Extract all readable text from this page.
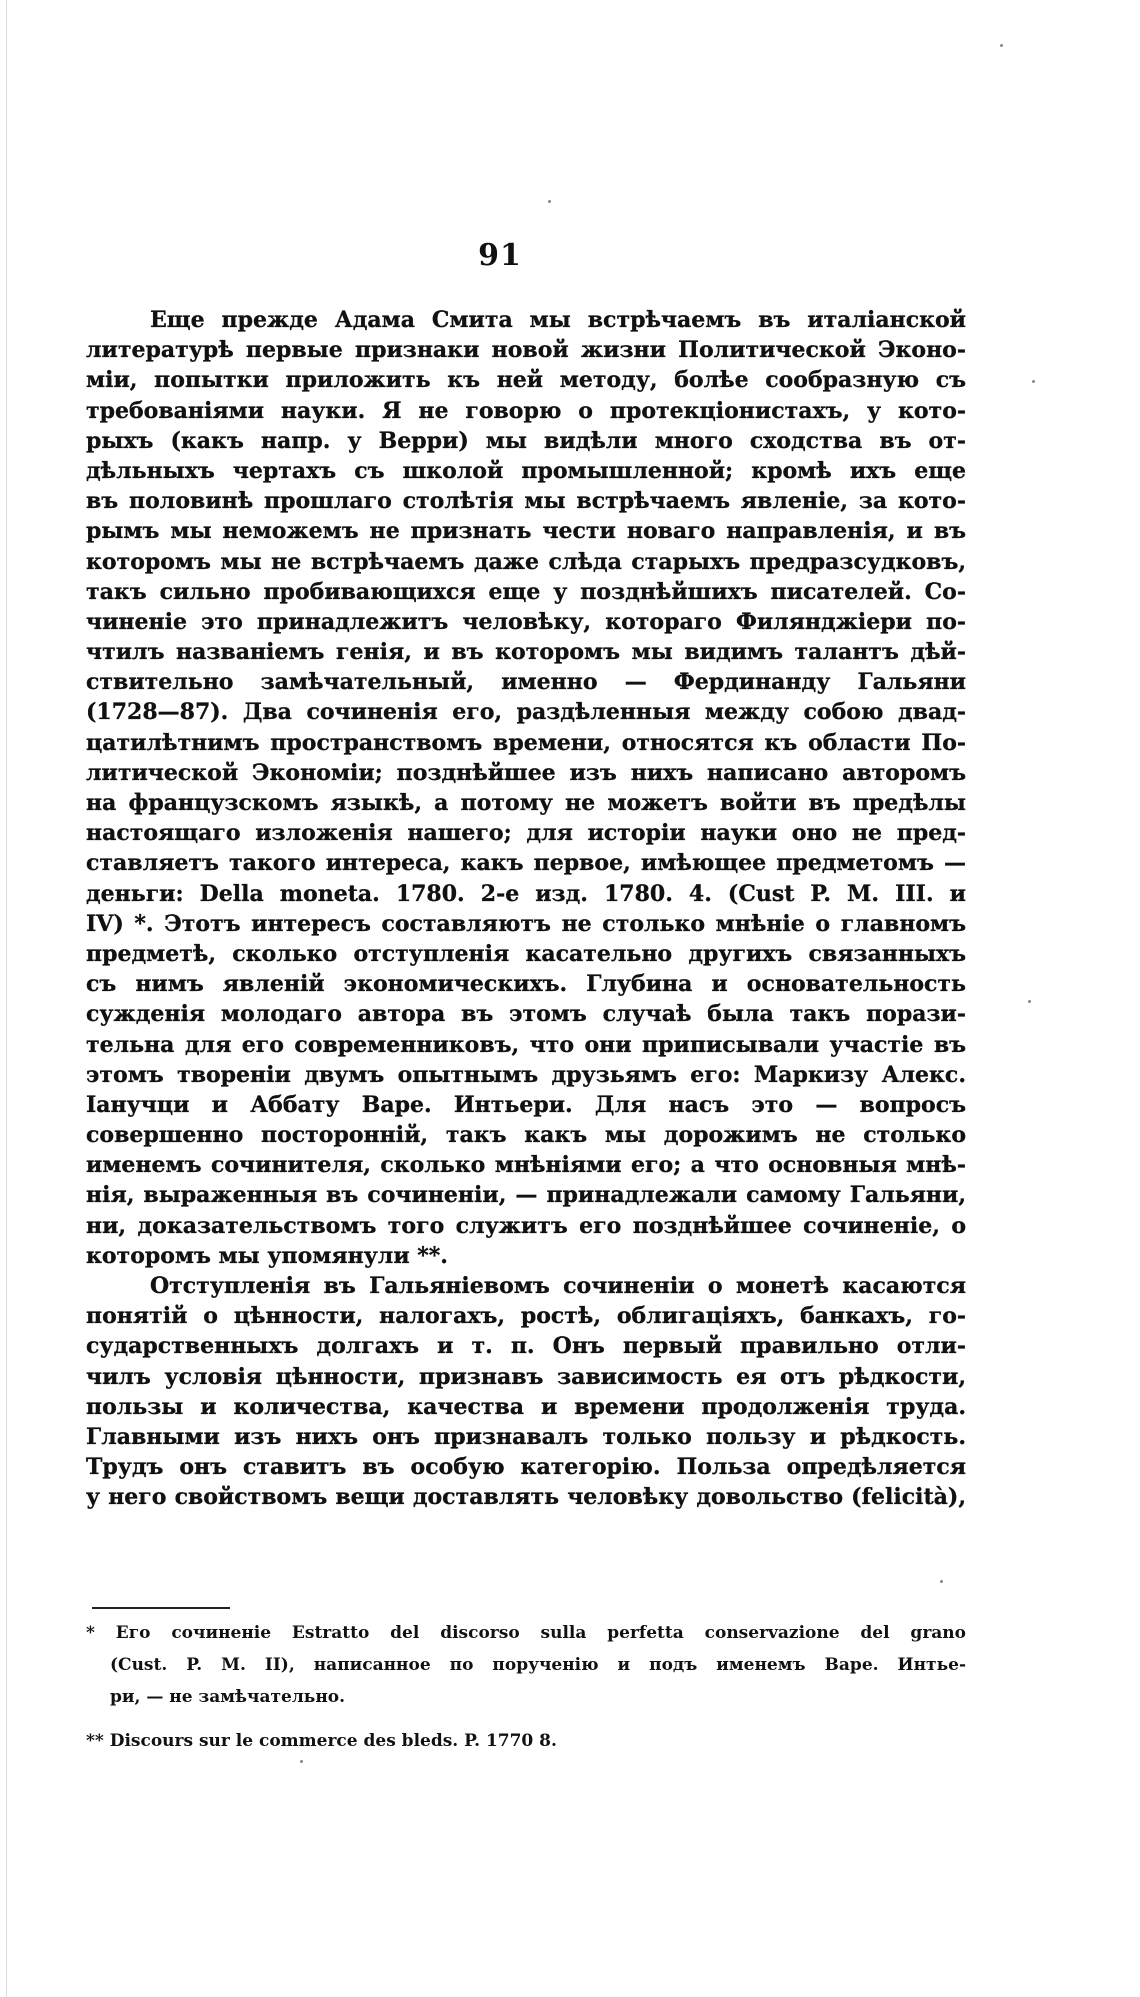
91
Еще прежде Адама Смита мы встрѣчаемъ въ италіанской
литературѣ первые признаки новой жизни Политической Эконо-
міи, попытки приложить къ ней методу, болѣе сообразную съ
требованіями науки. Я не говорю о протекціонистахъ, у кото-
рыхъ (какъ напр. у Верри) мы видѣли много сходства въ от-
дѣльныхъ чертахъ съ школой промышленной; кромѣ ихъ еще
въ половинѣ прошлаго столѣтія мы встрѣчаемъ явленіе, за кото-
рымъ мы неможемъ не признать чести новаго направленія, и въ
которомъ мы не встрѣчаемъ даже слѣда старыхъ предразсудковъ,
такъ сильно пробивающихся еще у позднѣйшихъ писателей. Со-
чиненіе это принадлежитъ человѣку, котораго Филянджіери по-
чтилъ названіемъ генія, и въ которомъ мы видимъ талантъ дѣй-
ствительно замѣчательный, именно — Фердинанду Гальяни
(1728—87). Два сочиненія его, раздѣленныя между собою двад-
цатилѣтнимъ пространствомъ времени, относятся къ области По-
литической Экономіи; позднѣйшее изъ нихъ написано авторомъ
на французскомъ языкѣ, а потому не можетъ войти въ предѣлы
настоящаго изложенія нашего; для исторіи науки оно не пред-
ставляетъ такого интереса, какъ первое, имѣющее предметомъ —
деньги: Della moneta. 1780. 2-е изд. 1780. 4. (Cust P. M. III. и
IV) *. Этотъ интересъ составляютъ не столько мнѣніе о главномъ
предметѣ, сколько отступленія касательно другихъ связанныхъ
съ нимъ явленій экономическихъ. Глубина и основательность
сужденія молодаго автора въ этомъ случаѣ была такъ порази-
тельна для его современниковъ, что они приписывали участіе въ
этомъ твореніи двумъ опытнымъ друзьямъ его: Маркизу Алекс.
Іанучци и Аббату Варе. Интьери. Для насъ это — вопросъ
совершенно посторонній, такъ какъ мы дорожимъ не столько
именемъ сочинителя, сколько мнѣніями его; а что основныя мнѣ-
нія, выраженныя въ сочиненіи, — принадлежали самому Гальяни,
ни, доказательствомъ того служитъ его позднѣйшее сочиненіе, о
которомъ мы упомянули **.
Отступленія въ Гальяніевомъ сочиненіи о монетѣ касаются
понятій о цѣнности, налогахъ, ростѣ, облигаціяхъ, банкахъ, го-
сударственныхъ долгахъ и т. п. Онъ первый правильно отли-
чилъ условія цѣнности, признавъ зависимость ея отъ рѣдкости,
пользы и количества, качества и времени продолженія труда.
Главными изъ нихъ онъ признавалъ только пользу и рѣдкость.
Трудъ онъ ставитъ въ особую категорію. Польза опредѣляется
у него свойствомъ вещи доставлять человѣку довольство (felicità),
* Его сочиненіе Estratto del discorso sulla perfetta conservazione del grano
(Cust. P. M. II), написанное по порученію и подъ именемъ Варе. Интье-
ри, — не замѣчательно.
** Discours sur le commerce des bleds. P. 1770 8.
